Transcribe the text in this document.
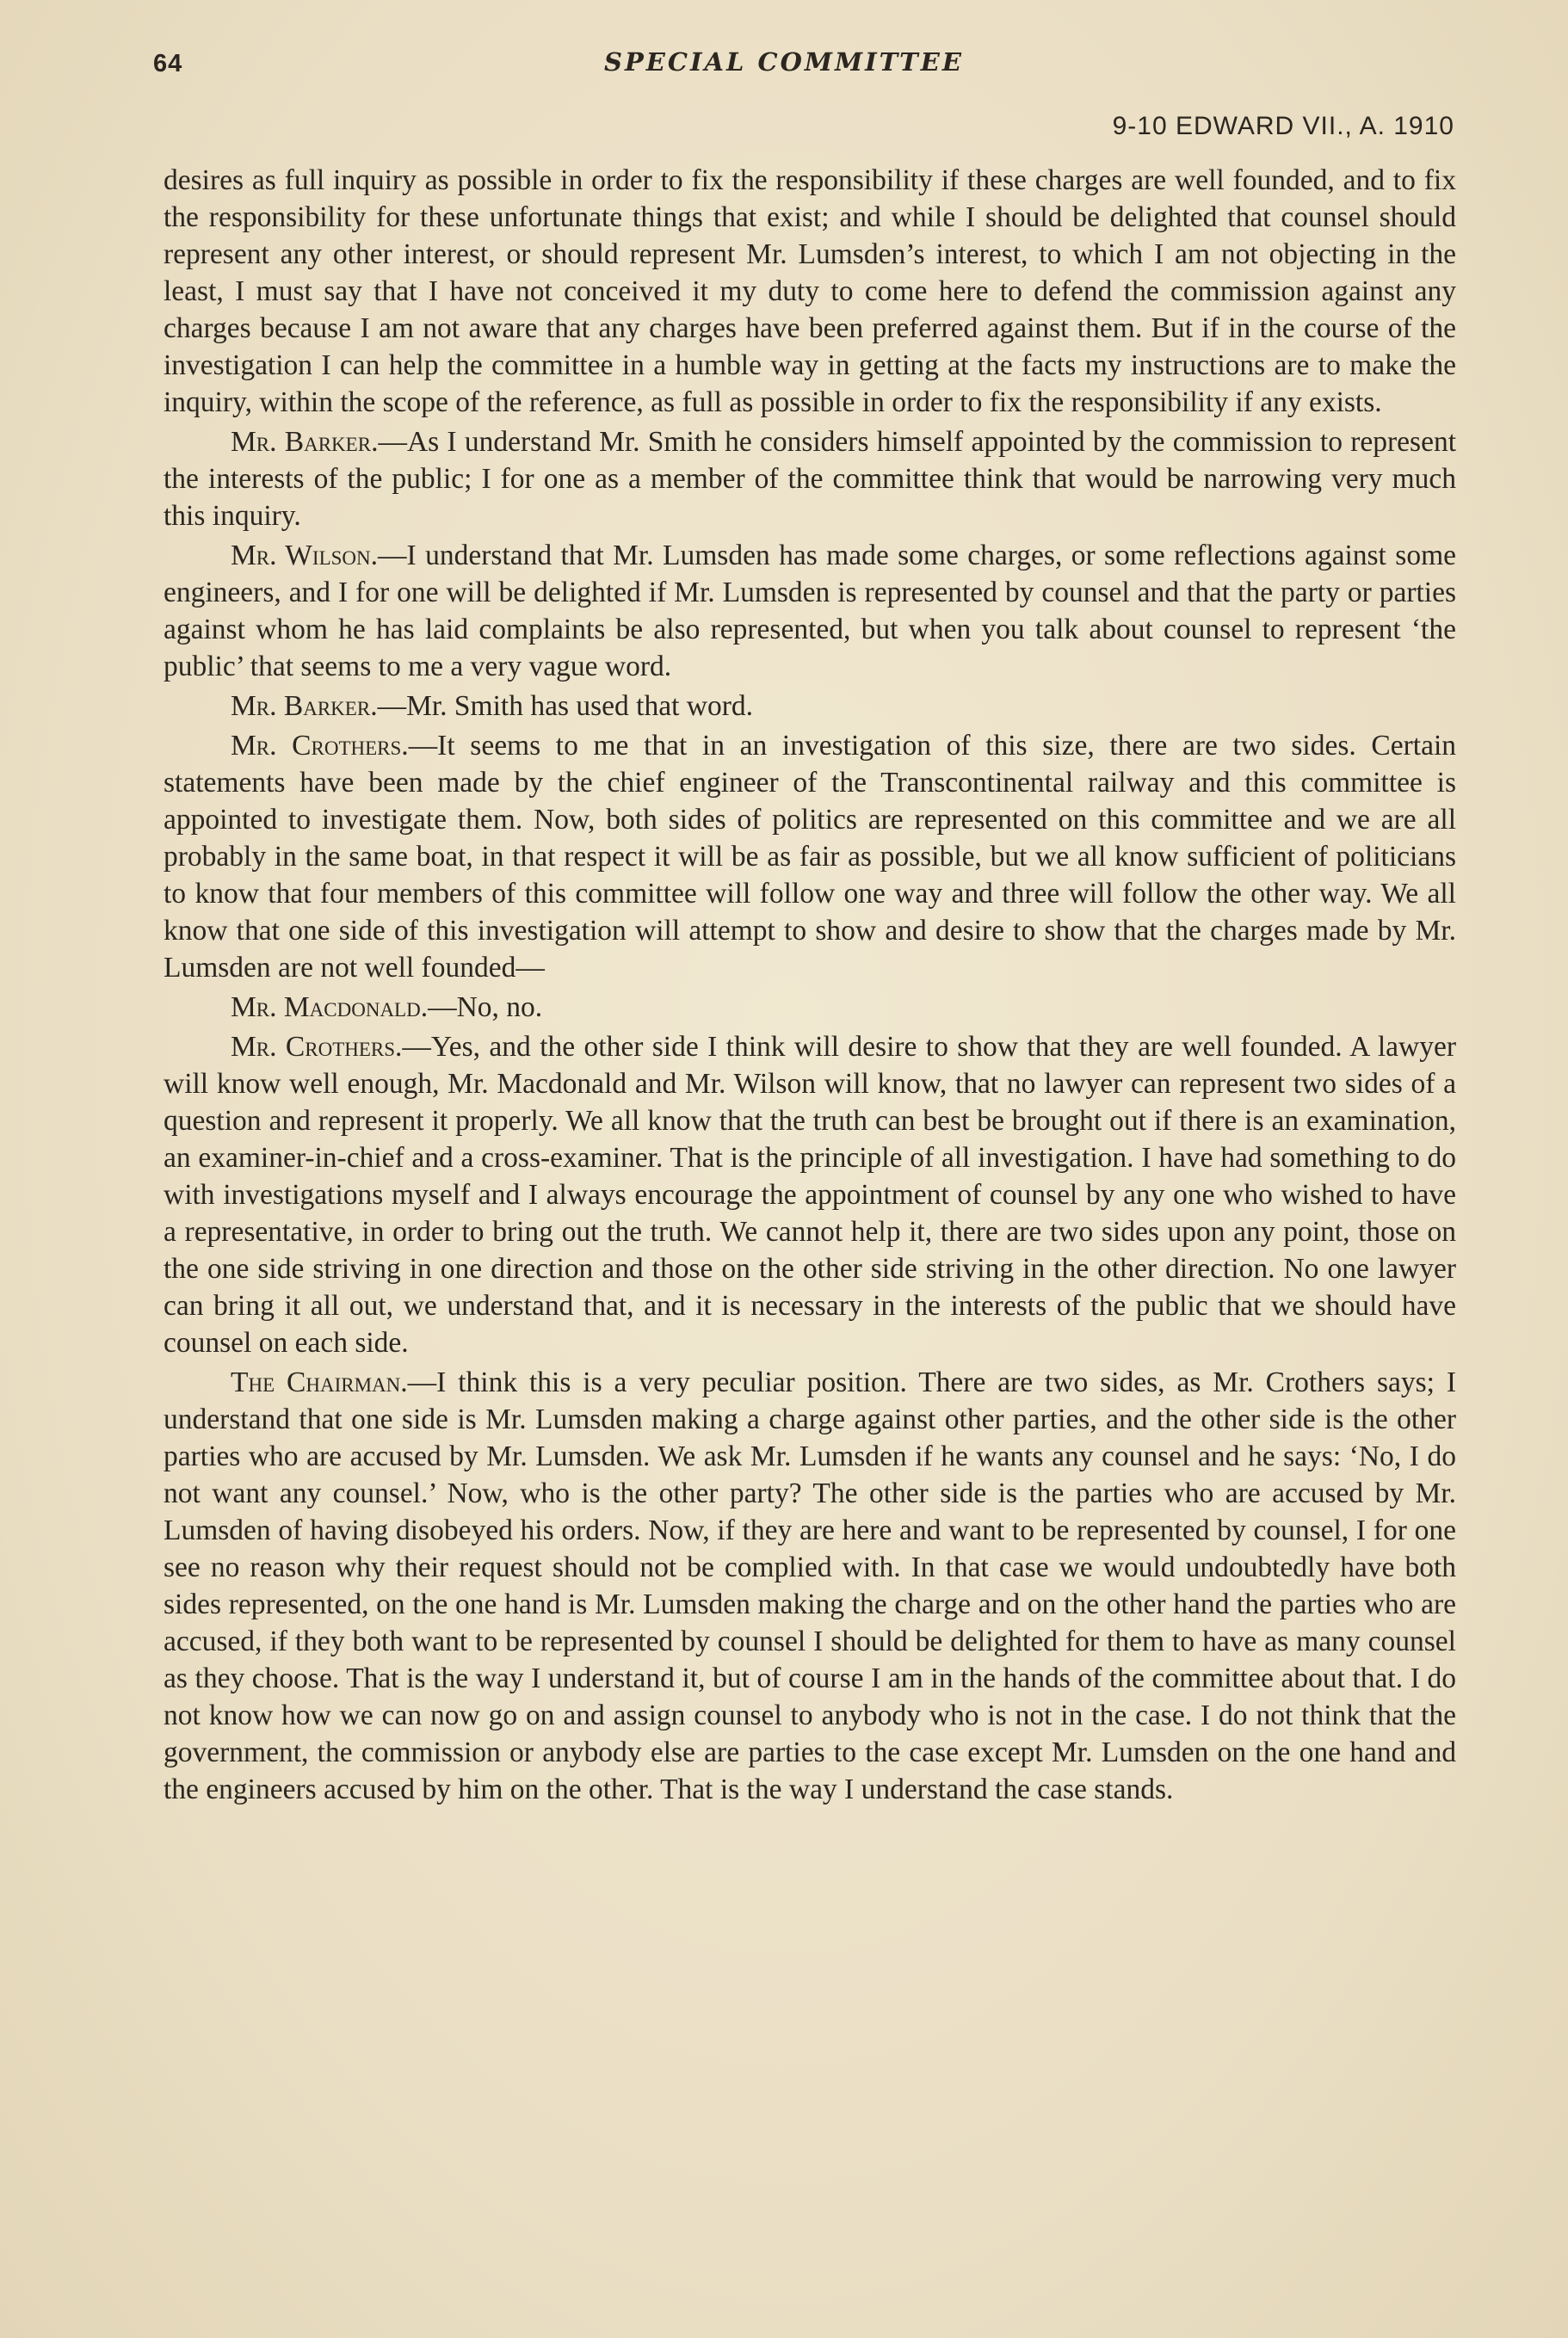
64	SPECIAL COMMITTEE
9-10 EDWARD VII., A. 1910

desires as full inquiry as possible in order to fix the responsibility if these charges are well founded, and to fix the responsibility for these unfortunate things that exist; and while I should be delighted that counsel should represent any other interest, or should represent Mr. Lumsden’s interest, to which I am not objecting in the least, I must say that I have not conceived it my duty to come here to defend the commission against any charges because I am not aware that any charges have been preferred against them. But if in the course of the investigation I can help the committee in a humble way in getting at the facts my instructions are to make the inquiry, within the scope of the reference, as full as possible in order to fix the responsibility if any exists.

Mr. Barker.—As I understand Mr. Smith he considers himself appointed by the commission to represent the interests of the public; I for one as a member of the committee think that would be narrowing very much this inquiry.

Mr. Wilson.—I understand that Mr. Lumsden has made some charges, or some reflections against some engineers, and I for one will be delighted if Mr. Lumsden is represented by counsel and that the party or parties against whom he has laid complaints be also represented, but when you talk about counsel to represent ‘the public’ that seems to me a very vague word.

Mr. Barker.—Mr. Smith has used that word.

Mr. Crothers.—It seems to me that in an investigation of this size, there are two sides. Certain statements have been made by the chief engineer of the Transcontinental railway and this committee is appointed to investigate them. Now, both sides of politics are represented on this committee and we are all probably in the same boat, in that respect it will be as fair as possible, but we all know sufficient of politicians to know that four members of this committee will follow one way and three will follow the other way. We all know that one side of this investigation will attempt to show and desire to show that the charges made by Mr. Lumsden are not well founded—

Mr. Macdonald.—No, no.

Mr. Crothers.—Yes, and the other side I think will desire to show that they are well founded. A lawyer will know well enough, Mr. Macdonald and Mr. Wilson will know, that no lawyer can represent two sides of a question and represent it properly. We all know that the truth can best be brought out if there is an examination, an examiner-in-chief and a cross-examiner. That is the principle of all investigation. I have had something to do with investigations myself and I always encourage the appointment of counsel by any one who wished to have a representative, in order to bring out the truth. We cannot help it, there are two sides upon any point, those on the one side striving in one direction and those on the other side striving in the other direction. No one lawyer can bring it all out, we understand that, and it is necessary in the interests of the public that we should have counsel on each side.

The Chairman.—I think this is a very peculiar position. There are two sides, as Mr. Crothers says; I understand that one side is Mr. Lumsden making a charge against other parties, and the other side is the other parties who are accused by Mr. Lumsden. We ask Mr. Lumsden if he wants any counsel and he says: ‘No, I do not want any counsel.’ Now, who is the other party? The other side is the parties who are accused by Mr. Lumsden of having disobeyed his orders. Now, if they are here and want to be represented by counsel, I for one see no reason why their request should not be complied with. In that case we would undoubtedly have both sides represented, on the one hand is Mr. Lumsden making the charge and on the other hand the parties who are accused, if they both want to be represented by counsel I should be delighted for them to have as many counsel as they choose. That is the way I understand it, but of course I am in the hands of the committee about that. I do not know how we can now go on and assign counsel to anybody who is not in the case. I do not think that the government, the commission or anybody else are parties to the case except Mr. Lumsden on the one hand and the engineers accused by him on the other. That is the way I understand the case stands.
